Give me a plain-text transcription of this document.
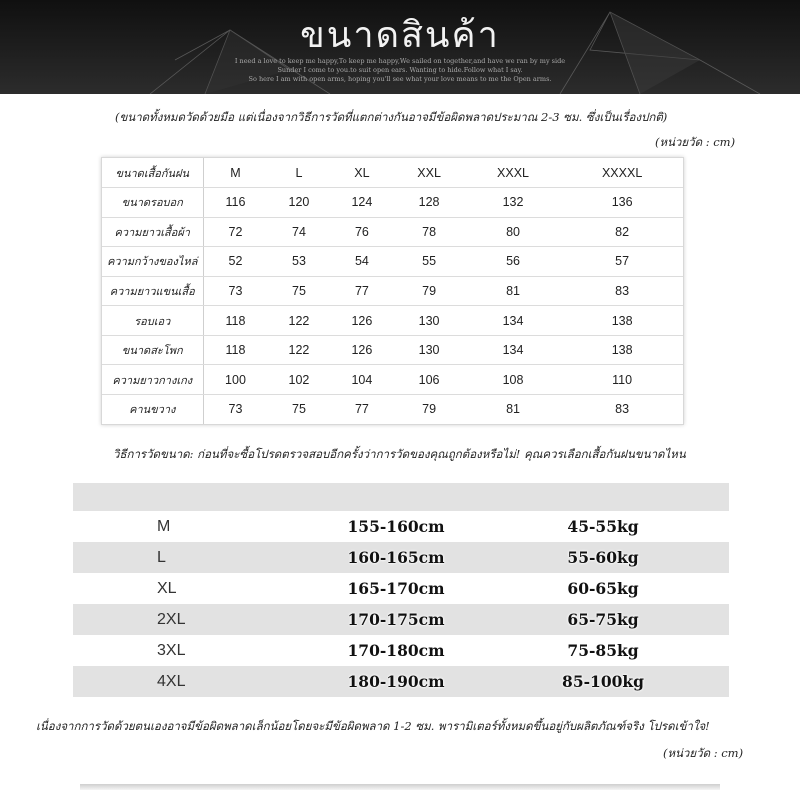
ขนาดสินค้า
I need a love to keep me happy,To keep me happy,We sailed on together,and have we ran by my side
Sunder I come to you.to suit open ears. Wanting to hide.Follow what I say.
So here I am with open arms, hoping you'll see what your love means to me the Open arms.
(ขนาดทั้งหมดวัดด้วยมือ แต่เนื่องจากวิธีการวัดที่แตกต่างกันอาจมีข้อผิดพลาดประมาณ 2-3 ซม. ซึ่งเป็นเรื่องปกติ)
(หน่วยวัด : cm)
ขนาดเสื้อกันฝน	M	L	XL	XXL	XXXL	XXXXL
ขนาดรอบอก	116	120	124	128	132	136
ความยาวเสื้อผ้า	72	74	76	78	80	82
ความกว้างของไหล่	52	53	54	55	56	57
ความยาวแขนเสื้อ	73	75	77	79	81	83
รอบเอว	118	122	126	130	134	138
ขนาดสะโพก	118	122	126	130	134	138
ความยาวกางเกง	100	102	104	106	108	110
คานขวาง	73	75	77	79	81	83
วิธีการวัดขนาด: ก่อนที่จะซื้อโปรดตรวจสอบอีกครั้งว่าการวัดของคุณถูกต้องหรือไม่! คุณควรเลือกเสื้อกันฝนขนาดไหน
M	155-160cm	45-55kg
L	160-165cm	55-60kg
XL	165-170cm	60-65kg
2XL	170-175cm	65-75kg
3XL	170-180cm	75-85kg
4XL	180-190cm	85-100kg
เนื่องจากการวัดด้วยตนเองอาจมีข้อผิดพลาดเล็กน้อยโดยจะมีข้อผิดพลาด 1-2 ซม. พารามิเตอร์ทั้งหมดขึ้นอยู่กับผลิตภัณฑ์จริง โปรดเข้าใจ!
(หน่วยวัด : cm)
